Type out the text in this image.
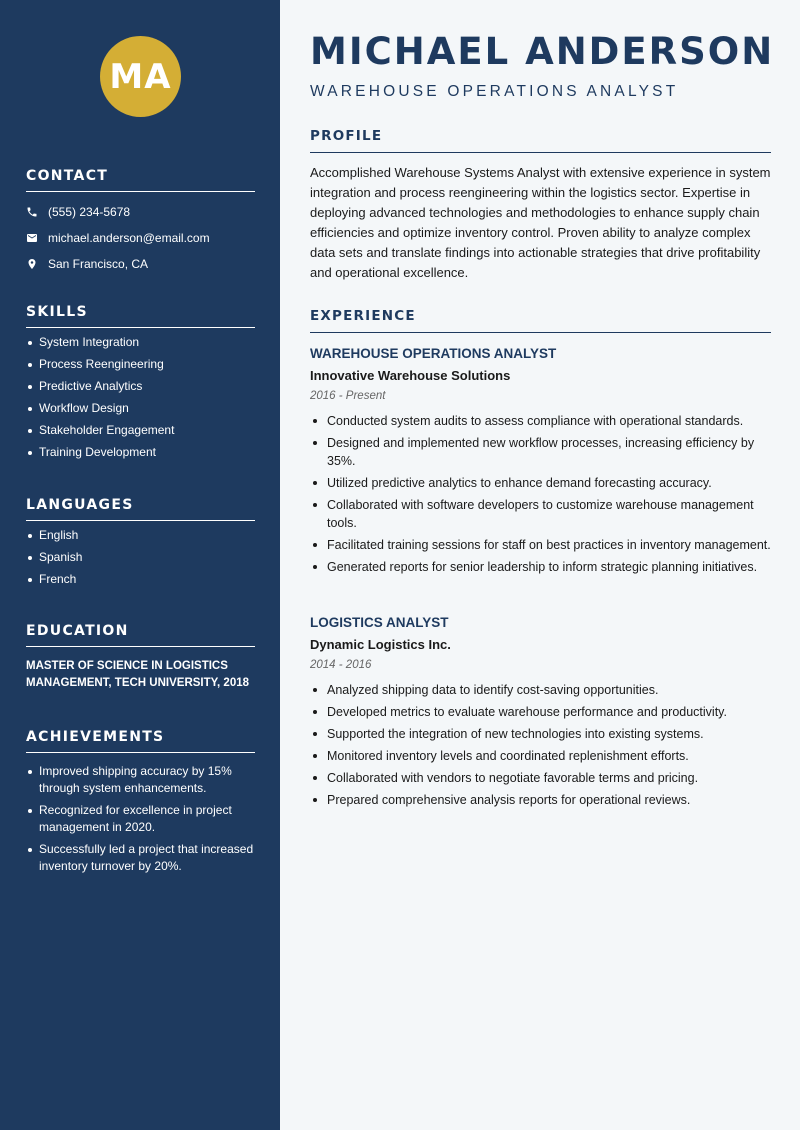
MA
CONTACT
(555) 234-5678
michael.anderson@email.com
San Francisco, CA
SKILLS
System Integration
Process Reengineering
Predictive Analytics
Workflow Design
Stakeholder Engagement
Training Development
LANGUAGES
English
Spanish
French
EDUCATION
MASTER OF SCIENCE IN LOGISTICS MANAGEMENT, TECH UNIVERSITY, 2018
ACHIEVEMENTS
Improved shipping accuracy by 15% through system enhancements.
Recognized for excellence in project management in 2020.
Successfully led a project that increased inventory turnover by 20%.
MICHAEL ANDERSON
WAREHOUSE OPERATIONS ANALYST
PROFILE

Accomplished Warehouse Systems Analyst with extensive experience in system integration and process reengineering within the logistics sector. Expertise in deploying advanced technologies and methodologies to enhance supply chain efficiencies and optimize inventory control. Proven ability to analyze complex data sets and translate findings into actionable strategies that drive profitability and operational excellence.

EXPERIENCE
WAREHOUSE OPERATIONS ANALYST
Innovative Warehouse Solutions
2016 - Present
Conducted system audits to assess compliance with operational standards.
Designed and implemented new workflow processes, increasing efficiency by 35%.
Utilized predictive analytics to enhance demand forecasting accuracy.
Collaborated with software developers to customize warehouse management tools.
Facilitated training sessions for staff on best practices in inventory management.
Generated reports for senior leadership to inform strategic planning initiatives.
LOGISTICS ANALYST
Dynamic Logistics Inc.
2014 - 2016
Analyzed shipping data to identify cost-saving opportunities.
Developed metrics to evaluate warehouse performance and productivity.
Supported the integration of new technologies into existing systems.
Monitored inventory levels and coordinated replenishment efforts.
Collaborated with vendors to negotiate favorable terms and pricing.
Prepared comprehensive analysis reports for operational reviews.
